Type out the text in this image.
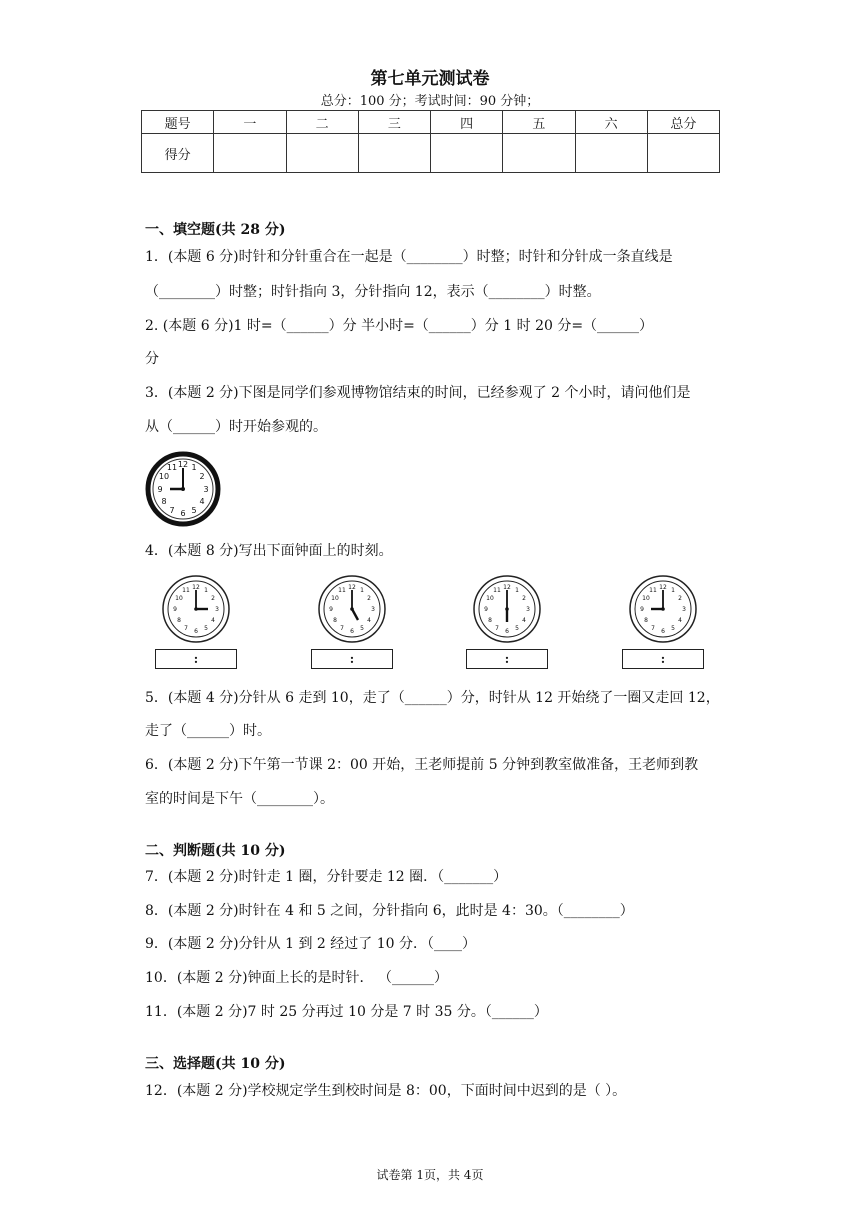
第七单元测试卷
总分：100 分；考试时间：90 分钟；
题号	一	二	三	四	五	六	总分
得分							
一、填空题(共 28 分)
1．(本题 6 分)时针和分针重合在一起是（________）时整；时针和分针成一条直线是
（________）时整；时针指向 3，分针指向 12，表示（________）时整。
2. (本题 6 分)1 时=（______）分 半小时=（______）分 1 时 20 分=（______）
分
3．(本题 2 分)下图是同学们参观博物馆结束的时间，已经参观了 2 个小时，请问他们是
从（______）时开始参观的。
12 1
2
3
4
5
6
7
8
9
10
11
4．(本题 8 分)写出下面钟面上的时刻。
12 1
2
3
4
5
6
7
8
9
10
11	12 1
2
3
4
5
6
7
8
9
10
11	12 1
2
3
4
5
6
7
8
9
10
11	12 1
2
3
4
5
6
7
8
9
10
11
:	:	:	:
5．(本题 4 分)分针从 6 走到 10，走了（______）分，时针从 12 开始绕了一圈又走回 12，
走了（______）时。
6．(本题 2 分)下午第一节课 2：00 开始，王老师提前 5 分钟到教室做准备，王老师到教
室的时间是下午（________）。
二、判断题(共 10 分)
7．(本题 2 分)时针走 1 圈，分针要走 12 圈．（_______）
8．(本题 2 分)时针在 4 和 5 之间，分针指向 6，此时是 4：30。（________）
9．(本题 2 分)分针从 1 到 2 经过了 10 分．（____）
10．(本题 2 分)钟面上长的是时针． （______）
11．(本题 2 分)7 时 25 分再过 10 分是 7 时 35 分。（______）
三、选择题(共 10 分)
12．(本题 2 分)学校规定学生到校时间是 8：00，下面时间中迟到的是（ ）。
试卷第 1页，共 4页
